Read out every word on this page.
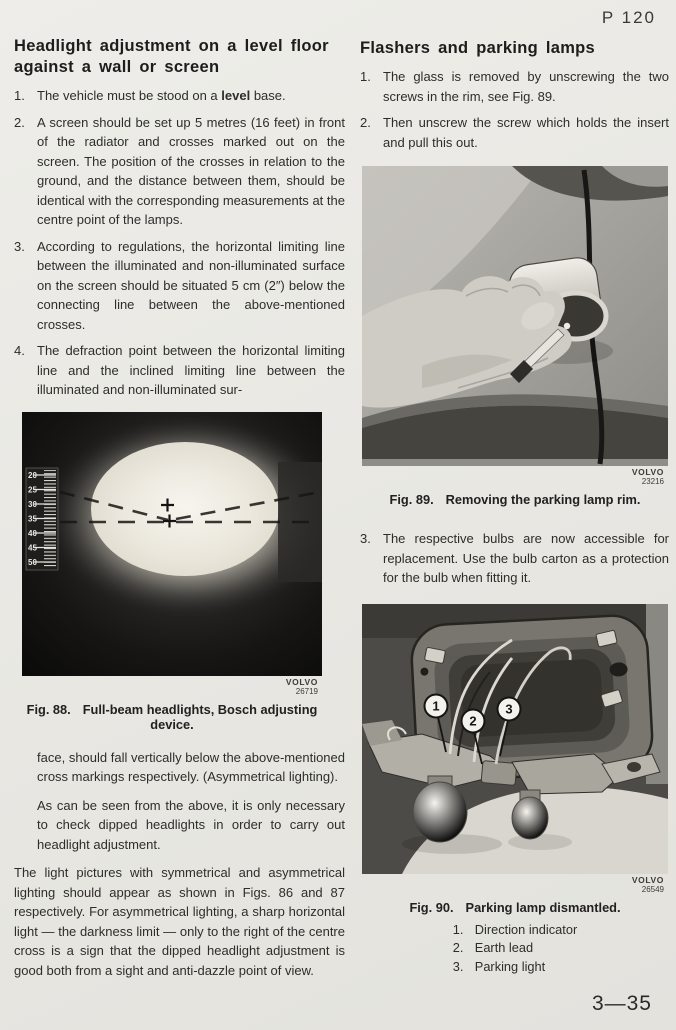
P 120
Headlight adjustment on a level floor against a wall or screen
1. The vehicle must be stood on a level base.
2. A screen should be set up 5 metres (16 feet) in front of the radiator and crosses marked out on the screen. The position of the crosses in relation to the ground, and the distance between them, should be identical with the corresponding measurements at the centre point of the lamps.
3. According to regulations, the horizontal limiting line between the illuminated and non-illuminated surface on the screen should be situated 5 cm (2″) below the connecting line between the above-mentioned crosses.
4. The defraction point between the horizontal limiting line and the inclined limiting line between the illuminated and non-illuminated sur-
20
25
30
35
40
45
50
VOLVO
26719
Fig. 88. Full-beam headlights, Bosch adjusting device.
face, should fall vertically below the above-mentioned cross markings respectively. (Asymmetrical lighting).
As can be seen from the above, it is only necessary to check dipped headlights in order to carry out headlight adjustment.
The light pictures with symmetrical and asymmetrical lighting should appear as shown in Figs. 86 and 87 respectively. For asymmetrical lighting, a sharp horizontal light — the darkness limit — only to the right of the centre cross is a sign that the dipped headlight adjustment is good both from a sight and anti-dazzle point of view.
Flashers and parking lamps
1. The glass is removed by unscrewing the two screws in the rim, see Fig. 89.
2. Then unscrew the screw which holds the insert and pull this out.
VOLVO
23216
Fig. 89. Removing the parking lamp rim.
3. The respective bulbs are now accessible for replacement. Use the bulb carton as a protection for the bulb when fitting it.
1
2
3
VOLVO
26549
Fig. 90. Parking lamp dismantled.
1. Direction indicator
2. Earth lead
3. Parking light
3—35
